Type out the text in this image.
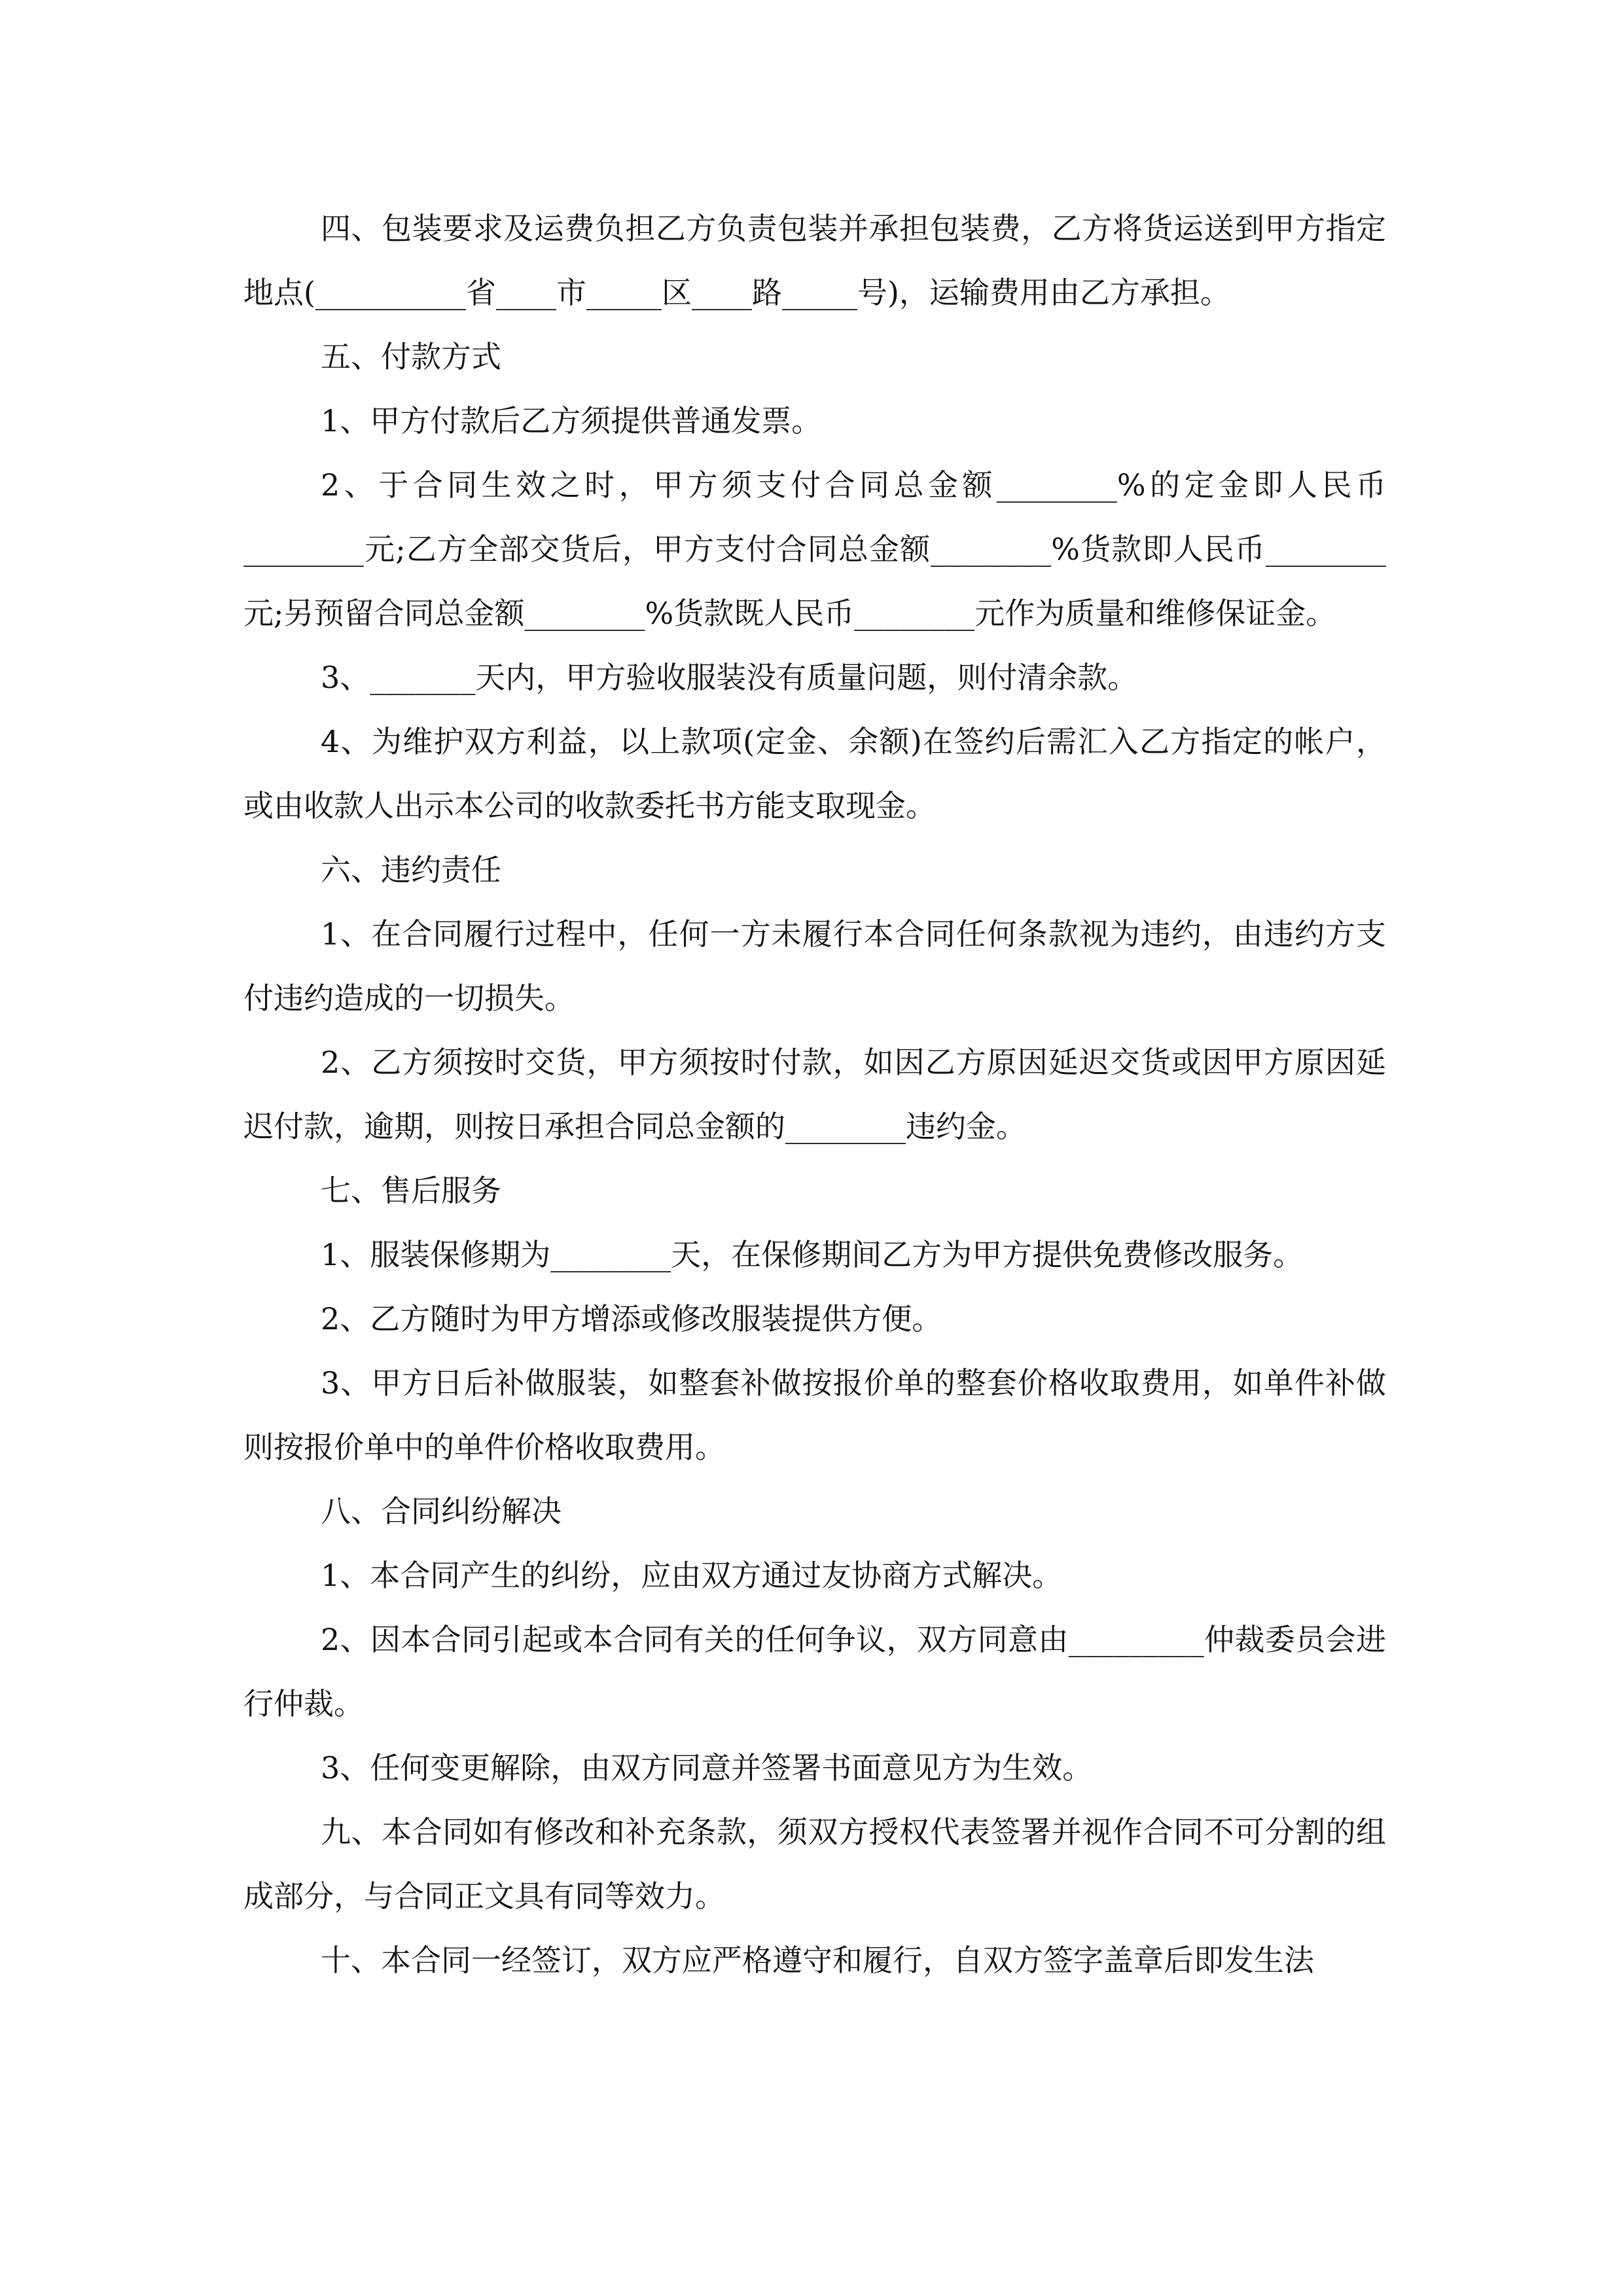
四、包装要求及运费负担乙方负责包装并承担包装费，乙方将货运送到甲方指定地点(__________省____市_____区____路_____号)，运输费用由乙方承担。

五、付款方式

1、甲方付款后乙方须提供普通发票。

2、于合同生效之时，甲方须支付合同总金额________%的定金即人民币________元;乙方全部交货后，甲方支付合同总金额________%货款即人民币________元;另预留合同总金额________%货款既人民币________元作为质量和维修保证金。

3、_______天内，甲方验收服装没有质量问题，则付清余款。

4、为维护双方利益，以上款项(定金、余额)在签约后需汇入乙方指定的帐户，或由收款人出示本公司的收款委托书方能支取现金。

六、违约责任

1、在合同履行过程中，任何一方未履行本合同任何条款视为违约，由违约方支付违约造成的一切损失。

2、乙方须按时交货，甲方须按时付款，如因乙方原因延迟交货或因甲方原因延迟付款，逾期，则按日承担合同总金额的________违约金。

七、售后服务

1、服装保修期为________天，在保修期间乙方为甲方提供免费修改服务。

2、乙方随时为甲方增添或修改服装提供方便。

3、甲方日后补做服装，如整套补做按报价单的整套价格收取费用，如单件补做则按报价单中的单件价格收取费用。

八、合同纠纷解决

1、本合同产生的纠纷，应由双方通过友协商方式解决。

2、因本合同引起或本合同有关的任何争议，双方同意由_________仲裁委员会进行仲裁。

3、任何变更解除，由双方同意并签署书面意见方为生效。

九、本合同如有修改和补充条款，须双方授权代表签署并视作合同不可分割的组成部分，与合同正文具有同等效力。

十、本合同一经签订，双方应严格遵守和履行，自双方签字盖章后即发生法
